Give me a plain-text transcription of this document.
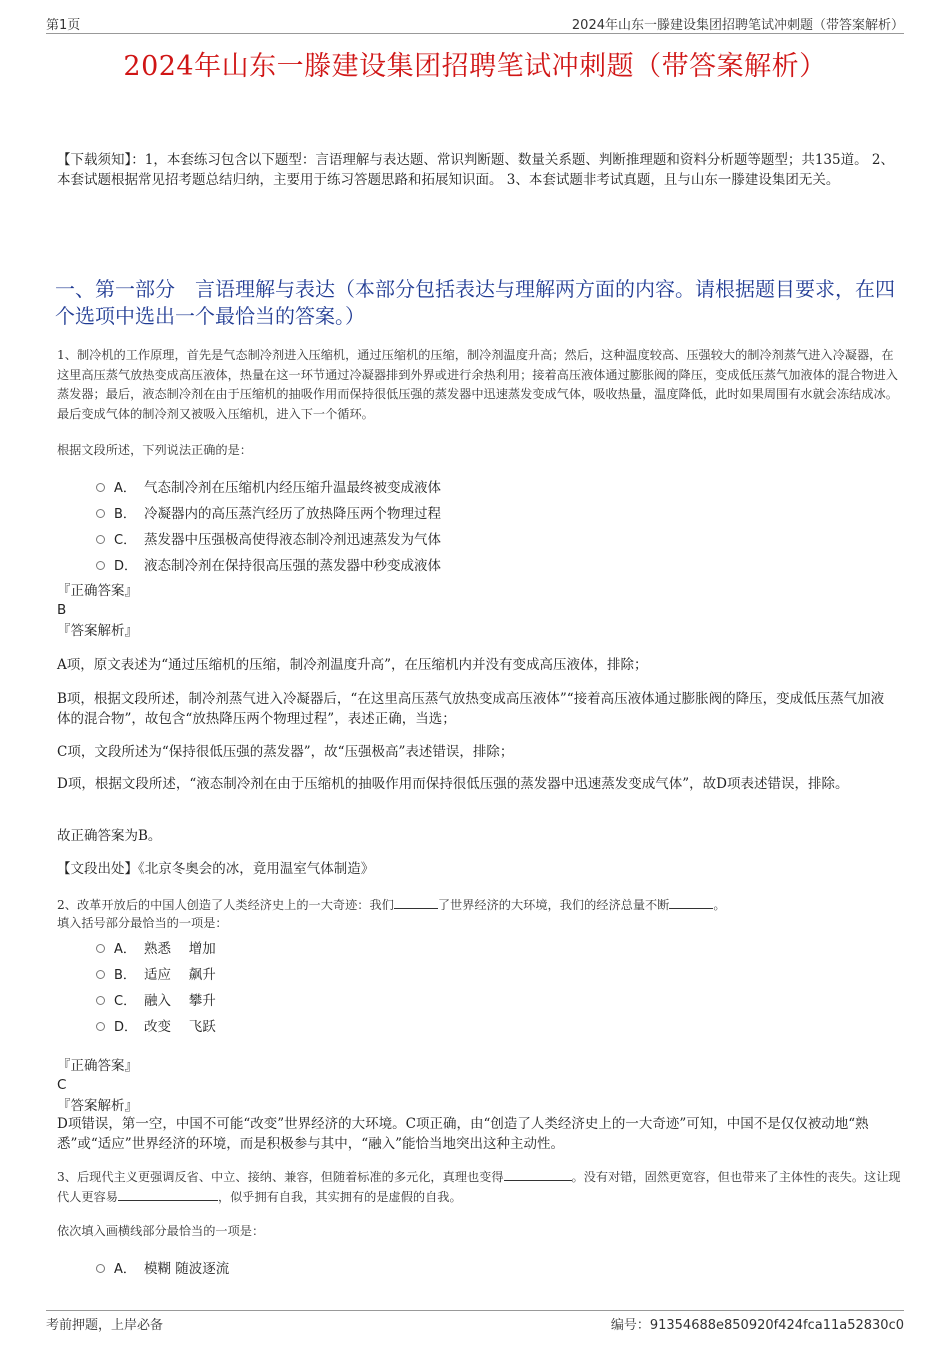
第1页	2024年山东一滕建设集团招聘笔试冲刺题（带答案解析）
2024年山东一滕建设集团招聘笔试冲刺题（带答案解析）
【下载须知】：1，本套练习包含以下题型：言语理解与表达题、常识判断题、数量关系题、判断推理题和资料分析题等题型；共135道。 2、本套试题根据常见招考题总结归纳，主要用于练习答题思路和拓展知识面。 3、本套试题非考试真题，且与山东一滕建设集团无关。
一、第一部分　言语理解与表达（本部分包括表达与理解两方面的内容。请根据题目要求，在四个选项中选出一个最恰当的答案。）
1、制冷机的工作原理，首先是气态制冷剂进入压缩机，通过压缩机的压缩，制冷剂温度升高；然后，这种温度较高、压强较大的制冷剂蒸气进入冷凝器，在这里高压蒸气放热变成高压液体，热量在这一环节通过冷凝器排到外界或进行余热利用；接着高压液体通过膨胀阀的降压，变成低压蒸气加液体的混合物进入蒸发器；最后，液态制冷剂在由于压缩机的抽吸作用而保持很低压强的蒸发器中迅速蒸发变成气体，吸收热量，温度降低，此时如果周围有水就会冻结成冰。最后变成气体的制冷剂又被吸入压缩机，进入下一个循环。
根据文段所述，下列说法正确的是：
A． 气态制冷剂在压缩机内经压缩升温最终被变成液体
B． 冷凝器内的高压蒸汽经历了放热降压两个物理过程
C． 蒸发器中压强极高使得液态制冷剂迅速蒸发为气体
D． 液态制冷剂在保持很高压强的蒸发器中秒变成液体
『正确答案』
B
『答案解析』
A项，原文表述为“通过压缩机的压缩，制冷剂温度升高”，在压缩机内并没有变成高压液体，排除；
B项，根据文段所述，制冷剂蒸气进入冷凝器后，“在这里高压蒸气放热变成高压液体”“接着高压液体通过膨胀阀的降压，变成低压蒸气加液体的混合物”，故包含“放热降压两个物理过程”，表述正确，当选；
C项，文段所述为“保持很低压强的蒸发器”，故“压强极高”表述错误，排除；
D项，根据文段所述，“液态制冷剂在由于压缩机的抽吸作用而保持很低压强的蒸发器中迅速蒸发变成气体”，故D项表述错误，排除。
故正确答案为B。
【文段出处】《北京冬奥会的冰，竟用温室气体制造》
2、改革开放后的中国人创造了人类经济史上的一大奇迹：我们	了世界经济的大环境，我们的经济总量不断	。
填入括号部分最恰当的一项是：
A． 熟悉　 增加
B． 适应　 飙升
C． 融入　 攀升
D． 改变　 飞跃
『正确答案』
C
『答案解析』
D项错误，第一空，中国不可能“改变”世界经济的大环境。C项正确，由“创造了人类经济史上的一大奇迹”可知，中国不是仅仅被动地“熟悉”或“适应”世界经济的环境，而是积极参与其中，“融入”能恰当地突出这种主动性。
3、后现代主义更强调反省、中立、接纳、兼容，但随着标准的多元化，真理也变得	。没有对错，固然更宽容，但也带来了主体性的丧失。这让现代人更容易	，似乎拥有自我，其实拥有的是虚假的自我。
依次填入画横线部分最恰当的一项是：
A． 模糊 随波逐流
考前押题，上岸必备	编号：91354688e850920f424fca11a52830c0
